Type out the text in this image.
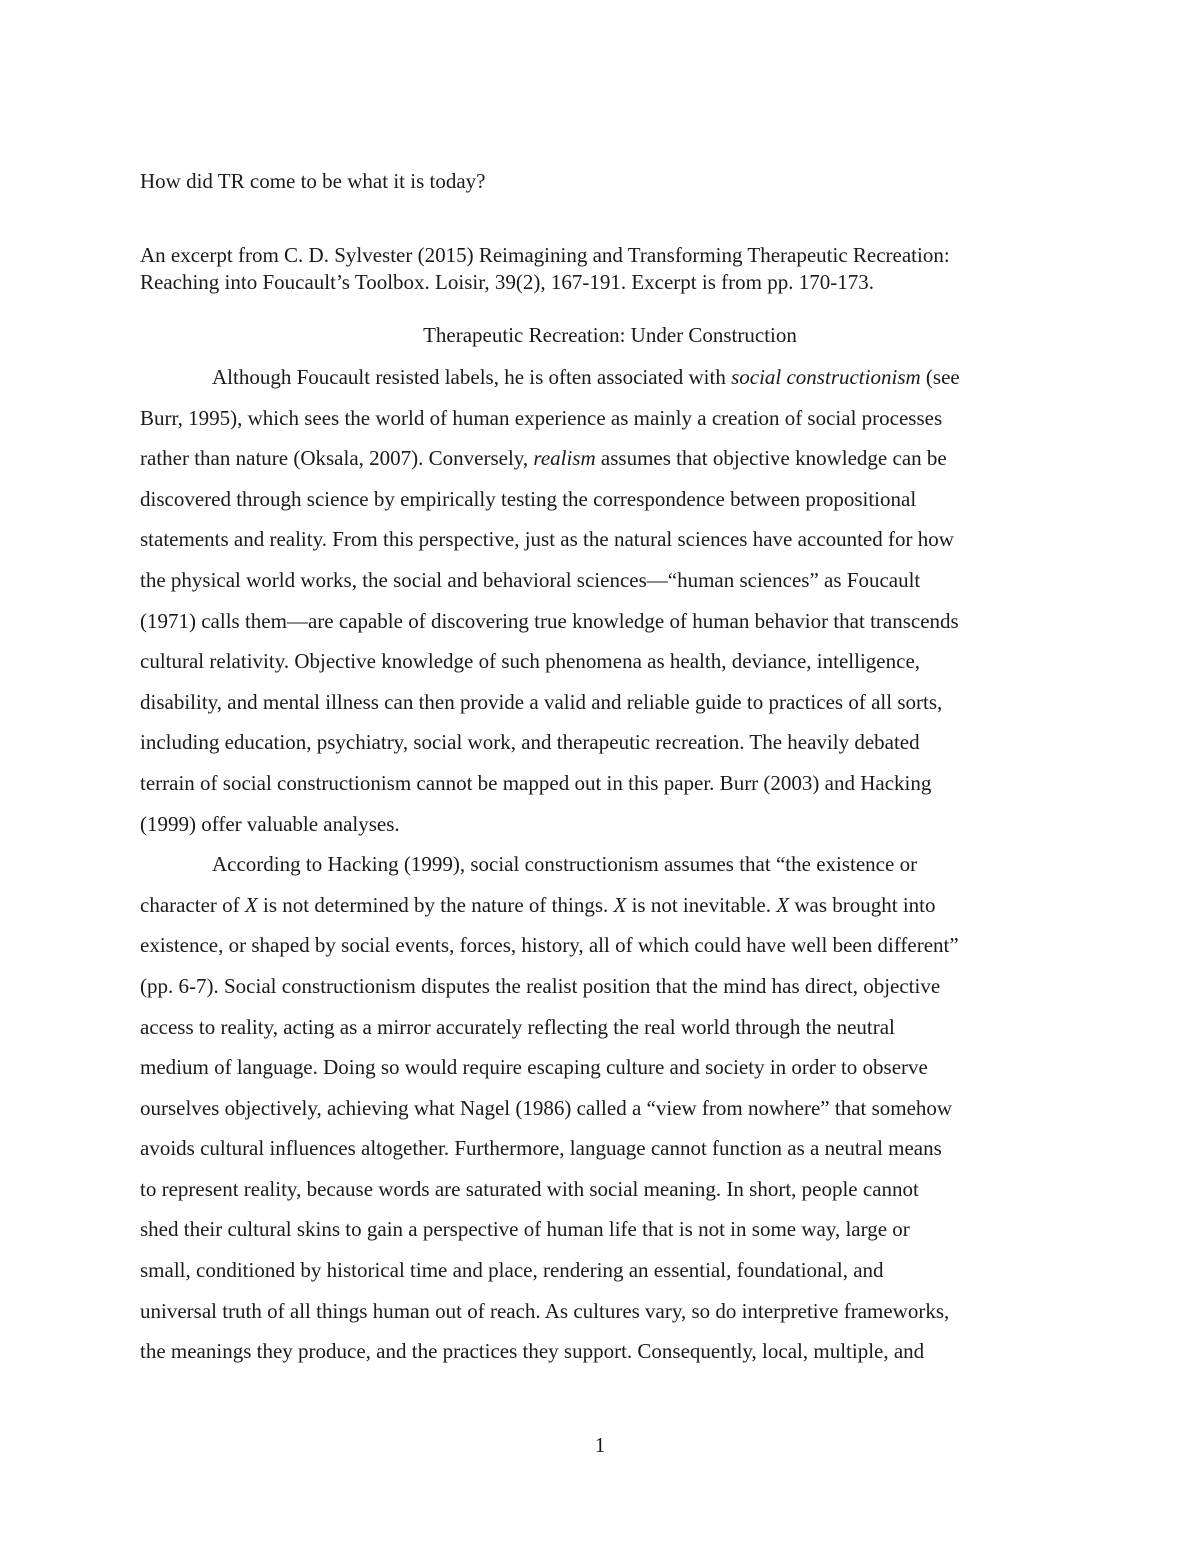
How did TR come to be what it is today?
An excerpt from C. D. Sylvester (2015) Reimagining and Transforming Therapeutic Recreation:
Reaching into Foucault’s Toolbox. Loisir, 39(2), 167-191. Excerpt is from pp. 170-173.
Therapeutic Recreation: Under Construction
Although Foucault resisted labels, he is often associated with social constructionism (see
Burr, 1995), which sees the world of human experience as mainly a creation of social processes
rather than nature (Oksala, 2007). Conversely, realism assumes that objective knowledge can be
discovered through science by empirically testing the correspondence between propositional
statements and reality. From this perspective, just as the natural sciences have accounted for how
the physical world works, the social and behavioral sciences—“human sciences” as Foucault
(1971) calls them—are capable of discovering true knowledge of human behavior that transcends
cultural relativity. Objective knowledge of such phenomena as health, deviance, intelligence,
disability, and mental illness can then provide a valid and reliable guide to practices of all sorts,
including education, psychiatry, social work, and therapeutic recreation. The heavily debated
terrain of social constructionism cannot be mapped out in this paper. Burr (2003) and Hacking
(1999) offer valuable analyses.
According to Hacking (1999), social constructionism assumes that “the existence or
character of X is not determined by the nature of things. X is not inevitable. X was brought into
existence, or shaped by social events, forces, history, all of which could have well been different”
(pp. 6-7). Social constructionism disputes the realist position that the mind has direct, objective
access to reality, acting as a mirror accurately reflecting the real world through the neutral
medium of language. Doing so would require escaping culture and society in order to observe
ourselves objectively, achieving what Nagel (1986) called a “view from nowhere” that somehow
avoids cultural influences altogether. Furthermore, language cannot function as a neutral means
to represent reality, because words are saturated with social meaning. In short, people cannot
shed their cultural skins to gain a perspective of human life that is not in some way, large or
small, conditioned by historical time and place, rendering an essential, foundational, and
universal truth of all things human out of reach. As cultures vary, so do interpretive frameworks,
the meanings they produce, and the practices they support. Consequently, local, multiple, and
1
